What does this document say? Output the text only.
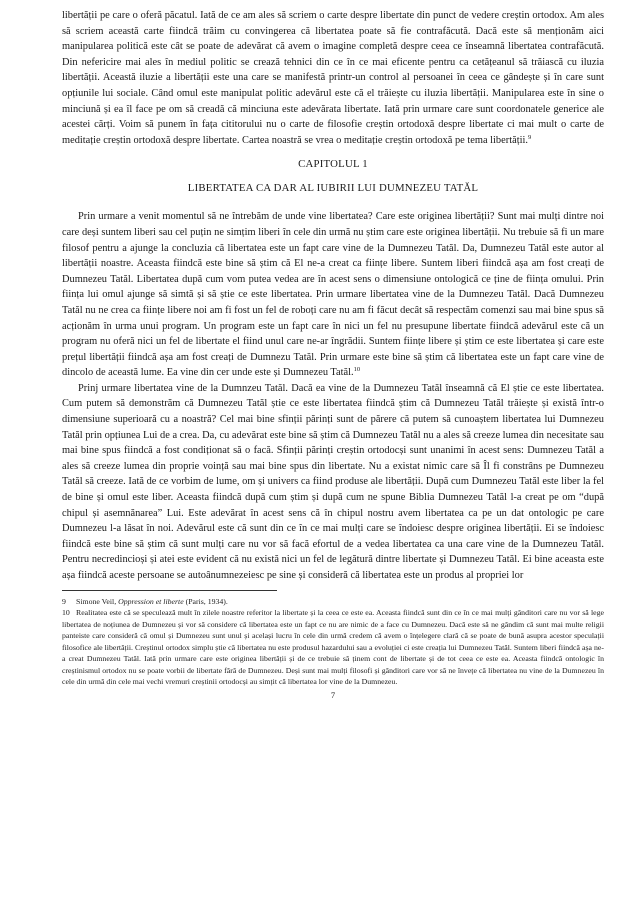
libertății pe care o oferă păcatul. Iată de ce am ales să scriem o carte despre libertate din punct de vedere creștin ortodox. Am ales să scriem această carte fiindcă trăim cu convingerea că libertatea poate să fie contrafăcută. Dacă este să menționăm aici manipularea politică este cât se poate de adevărat că avem o imagine completă despre ceea ce înseamnă libertatea contrafăcută. Din nefericire mai ales în mediul politic se crează tehnici din ce în ce mai eficente pentru ca cetățeanul să trăiască cu iluzia libertății. Această iluzie a libertății este una care se manifestă printr-un control al persoanei în ceea ce gândește și în care sunt opțiunile lui sociale. Când omul este manipulat politic adevărul este că el trăiește cu iluzia libertății. Manipularea este în sine o minciună și ea îl face pe om să creadă că minciuna este adevărata libertate. Iată prin urmare care sunt coordonatele generice ale acestei cărți. Voim să punem în fața cititorului nu o carte de filosofie creștin ortodoxă despre libertate ci mai mult o carte de meditație creștin ortodoxă despre libertate. Cartea noastră se vrea o meditație creștin ortodoxă pe tema libertății.$^9$

CAPITOLUL 1
LIBERTATEA CA DAR AL IUBIRII LUI DUMNEZEU TATĂL

Prin urmare a venit momentul să ne întrebăm de unde vine libertatea? Care este originea libertății? Sunt mai mulți dintre noi care deși suntem liberi sau cel puțin ne simțim liberi în cele din urmă nu știm care este originea libertății. Nu trebuie să fi un mare filosof pentru a ajunge la concluzia că libertatea este un fapt care vine de la Dumnezeu Tatăl. Da, Dumnezeu Tatăl este autor al libertății noastre. Aceasta fiindcă este bine să știm că El ne-a creat ca ființe libere. Suntem liberi fiindcă așa am fost creați de Dumnezeu Tatăl. Libertatea după cum vom putea vedea are în acest sens o dimensiune ontologică ce ține de ființa omului. Prin ființa lui omul ajunge să simtă și să știe ce este libertatea. Prin urmare libertatea vine de la Dumnezeu Tatăl. Dacă Dumnezeu Tatăl nu ne crea ca ființe libere noi am fi fost un fel de roboți care nu am fi făcut decât să respectăm comenzi sau mai bine spus să acționăm în urma unui program. Un program este un fapt care în nici un fel nu presupune libertate fiindcă adevărul este că un program nu oferă nici un fel de libertate el fiind unul care ne-ar îngrădii. Suntem ființe libere și știm ce este libertatea și care este prețul libertății fiindcă așa am fost creați de Dumnezu Tatăl. Prin urmare este bine să știm că libertatea este un fapt care vine de dincolo de această lume. Ea vine din cer unde este și Dumnezeu Tatăl.$^{10}$

Prinj urmare libertatea vine de la Dumnzeu Tatăl. Dacă ea vine de la Dumnezeu Tatăl înseamnă că El știe ce este libertatea. Cum putem să demonstrăm că Dumnezeu Tatăl știe ce este libertatea fiindcă știm că Dumnezeu Tatăl trăiește și există într-o dimensiune superioară cu a noastră? Cel mai bine sfinții părinți sunt de părere că putem să cunoaștem libertatea lui Dumnezeu Tatăl prin opțiunea Lui de a crea. Da, cu adevărat este bine să știm că Dumnezeu Tatăl nu a ales să creeze lumea din necesitate sau mai bine spus fiindcă a fost condiționat să o facă. Sfinții părinți creștin ortodocși sunt unanimi în acest sens: Dumnezeu Tatăl a ales să creeze lumea din proprie voință sau mai bine spus din libertate. Nu a existat nimic care să Îl fi constrâns pe Dumnezeu Tatăl să creeze. Iată de ce vorbim de lume, om și univers ca fiind produse ale libertății. După cum Dumnezeu Tatăl este liber la fel de bine și omul este liber. Aceasta fiindcă după cum știm și după cum ne spune Biblia Dumnezeu Tatăl l-a creat pe om “după chipul și asemnănarea” Lui. Este adevărat în acest sens că în chipul nostru avem libertatea ca pe un dat ontologic pe care Dumnezeu l-a lăsat în noi. Adevărul este că sunt din ce în ce mai mulți care se îndoiesc despre originea libertății. Ei se îndoiesc fiindcă este bine să știm că sunt mulți care nu vor să facă efortul de a vedea libertatea ca una care vine de la Dumnezeu Tatăl. Pentru necredincioși și atei este evident că nu există nici un fel de legătură dintre libertate și Dumnezeu Tatăl. Ei bine aceasta este așa fiindcă aceste persoane se autoânumnezeiesc pe sine și consideră că libertatea este un produs al propriei lor

9 Simone Veil, Oppression et liberte (Paris, 1934).

10 Realitatea este că se speculează mult în zilele noastre referitor la libertate și la ceea ce este ea. Aceasta fiindcă sunt din ce în ce mai mulți gânditori care nu vor să lege libertatea de noțiunea de Dumnezeu și vor să considere că libertatea este un fapt ce nu are nimic de a face cu Dumnezeu. Dacă este să ne gândim că sunt mai multe religii panteiste care consideră că omul și Dumnezeu sunt unul și același lucru în cele din urmă credem că avem o înțelegere clară că se poate de bună asupra acestor speculații filosofice ale libertății. Creștinul ortodox simplu știe că libertatea nu este produsul hazardului sau a evoluției ci este creația lui Dumnezeu Tatăl. Suntem liberi fiindcă așa ne-a creat Dumnezeu Tatăl. Iată prin urmare care este originea libertății și de ce trebuie să ținem cont de libertate și de tot ceea ce este ea. Aceasta fiindcă ontologic în creștinismul ortodox nu se poate vorbii de libertate fără de Dumnezeu. Deși sunt mai mulți filosofi și gânditori care vor să ne învețe că libertatea nu vine de la Dumnezeu în cele din urmă din cele mai vechi vremuri creștinii ortodocși au simțit că libertatea lor vine de la Dumnezeu.

7
